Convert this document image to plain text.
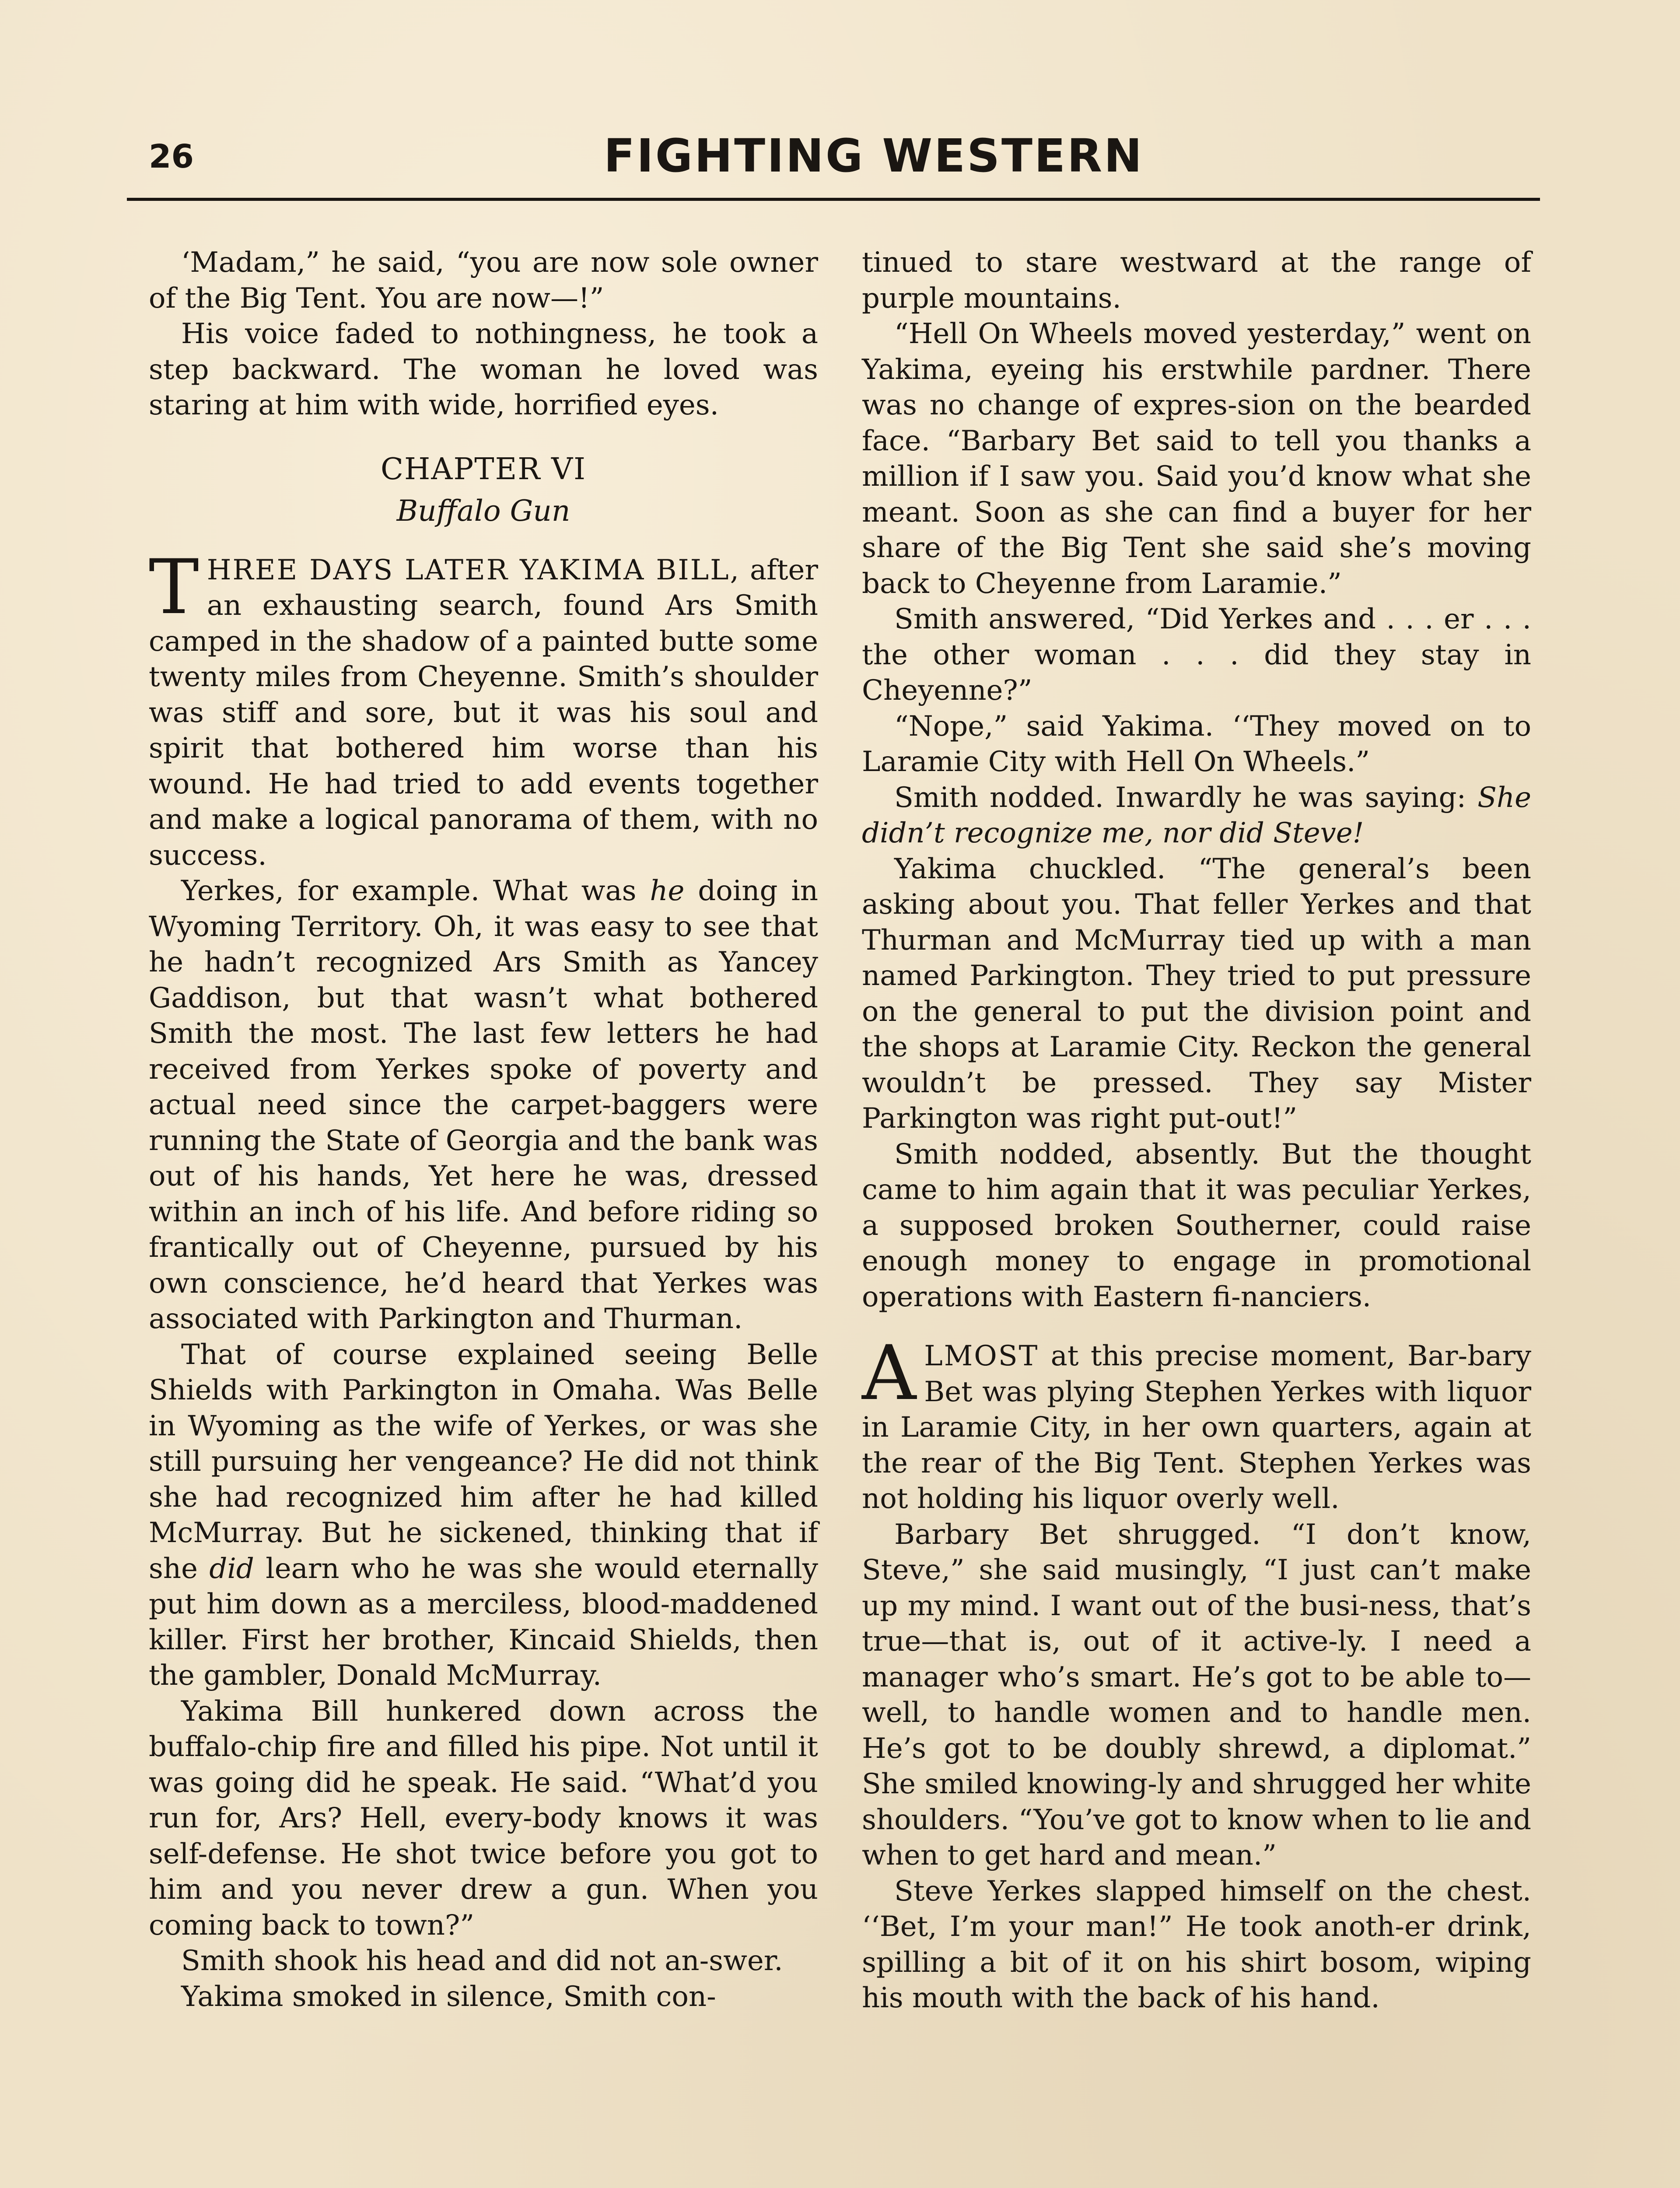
26	FIGHTING WESTERN

‘Madam,” he said, “you are now sole owner of the Big Tent. You are now—!”

His voice faded to nothingness, he took a step backward. The woman he loved was staring at him with wide, horrified eyes.

CHAPTER VI

Buffalo Gun

THREE DAYS LATER YAKIMA BILL, after an exhausting search, found Ars Smith camped in the shadow of a painted butte some twenty miles from Cheyenne. Smith’s shoulder was stiff and sore, but it was his soul and spirit that bothered him worse than his wound. He had tried to add events together and make a logical panorama of them, with no success.

Yerkes, for example. What was he doing in Wyoming Territory. Oh, it was easy to see that he hadn’t recognized Ars Smith as Yancey Gaddison, but that wasn’t what bothered Smith the most. The last few letters he had received from Yerkes spoke of poverty and actual need since the carpet-baggers were running the State of Georgia and the bank was out of his hands, Yet here he was, dressed within an inch of his life. And before riding so frantically out of Cheyenne, pursued by his own conscience, he’d heard that Yerkes was associated with Parkington and Thurman.

That of course explained seeing Belle Shields with Parkington in Omaha. Was Belle in Wyoming as the wife of Yerkes, or was she still pursuing her vengeance? He did not think she had recognized him after he had killed McMurray. But he sickened, thinking that if she did learn who he was she would eternally put him down as a merciless, blood-maddened killer. First her brother, Kincaid Shields, then the gambler, Donald McMurray.

Yakima Bill hunkered down across the buffalo-chip fire and filled his pipe. Not until it was going did he speak. He said. “What’d you run for, Ars? Hell, every-body knows it was self-defense. He shot twice before you got to him and you never drew a gun. When you coming back to town?”

Smith shook his head and did not an-swer.

Yakima smoked in silence, Smith con-

tinued to stare westward at the range of purple mountains.

“Hell On Wheels moved yesterday,” went on Yakima, eyeing his erstwhile pardner. There was no change of expres-sion on the bearded face. “Barbary Bet said to tell you thanks a million if I saw you. Said you’d know what she meant. Soon as she can find a buyer for her share of the Big Tent she said she’s moving back to Cheyenne from Laramie.”

Smith answered, “Did Yerkes and . . . er . . . the other woman . . . did they stay in Cheyenne?”

“Nope,” said Yakima. ‘‘They moved on to Laramie City with Hell On Wheels.”

Smith nodded. Inwardly he was saying: She didn’t recognize me, nor did Steve!

Yakima chuckled. “The general’s been asking about you. That feller Yerkes and that Thurman and McMurray tied up with a man named Parkington. They tried to put pressure on the general to put the division point and the shops at Laramie City. Reckon the general wouldn’t be pressed. They say Mister Parkington was right put-out!”

Smith nodded, absently. But the thought came to him again that it was peculiar Yerkes, a supposed broken Southerner, could raise enough money to engage in promotional operations with Eastern fi-nanciers.

ALMOST at this precise moment, Bar-bary Bet was plying Stephen Yerkes with liquor in Laramie City, in her own quarters, again at the rear of the Big Tent. Stephen Yerkes was not holding his liquor overly well.

Barbary Bet shrugged. “I don’t know, Steve,” she said musingly, “I just can’t make up my mind. I want out of the busi-ness, that’s true—that is, out of it active-ly. I need a manager who’s smart. He’s got to be able to—well, to handle women and to handle men. He’s got to be doubly shrewd, a diplomat.” She smiled knowing-ly and shrugged her white shoulders. “You’ve got to know when to lie and when to get hard and mean.”

Steve Yerkes slapped himself on the chest. ‘‘Bet, I’m your man!” He took anoth-er drink, spilling a bit of it on his shirt bosom, wiping his mouth with the back of his hand.
